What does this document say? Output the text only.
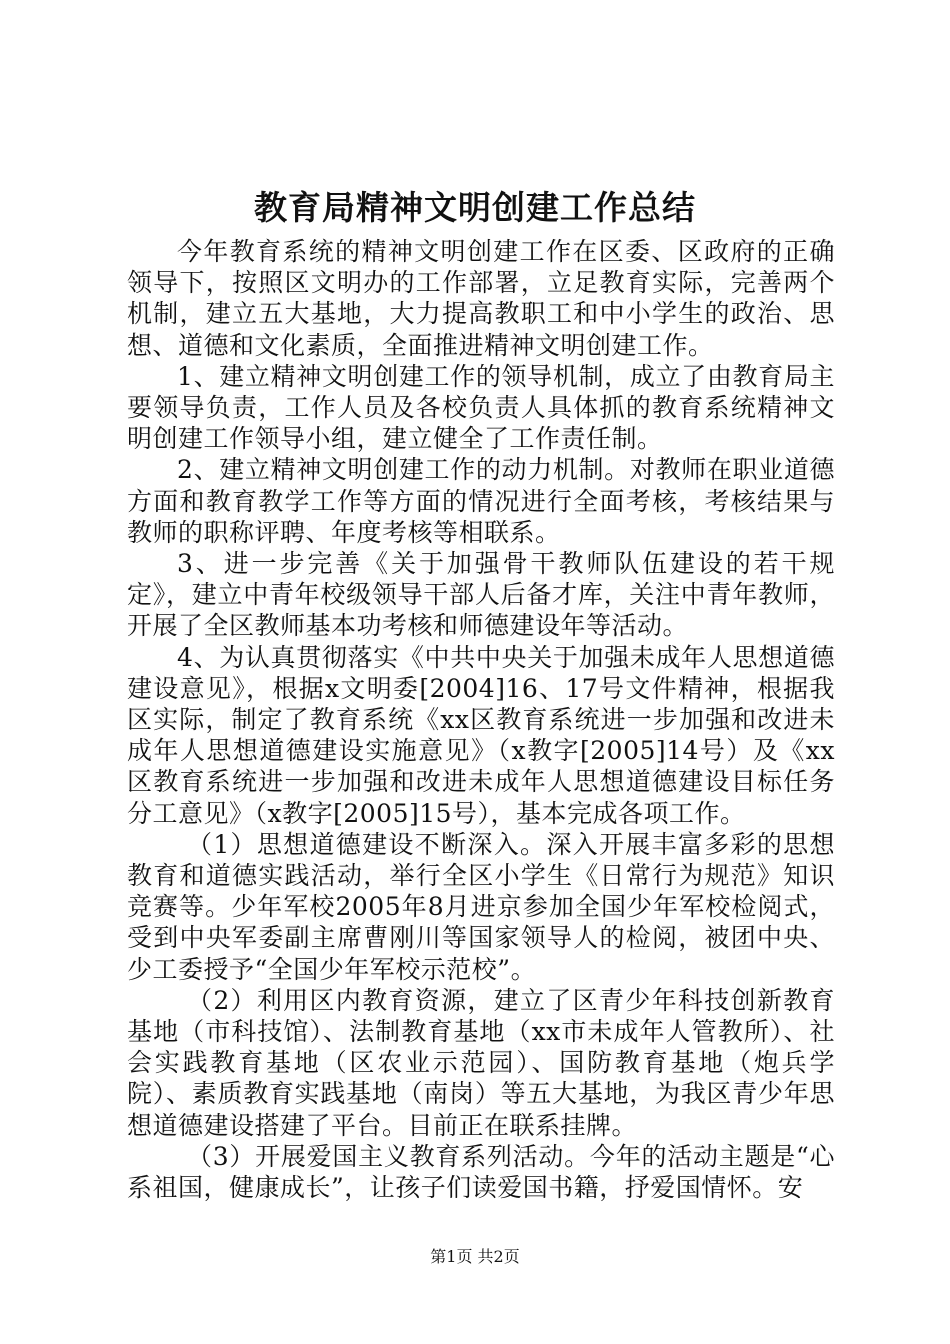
教育局精神文明创建工作总结

今年教育系统的精神文明创建工作在区委、区政府的正确领导下，按照区文明办的工作部署，立足教育实际，完善两个机制，建立五大基地，大力提高教职工和中小学生的政治、思想、道德和文化素质，全面推进精神文明创建工作。

1、建立精神文明创建工作的领导机制，成立了由教育局主要领导负责，工作人员及各校负责人具体抓的教育系统精神文明创建工作领导小组，建立健全了工作责任制。

2、建立精神文明创建工作的动力机制。对教师在职业道德方面和教育教学工作等方面的情况进行全面考核，考核结果与教师的职称评聘、年度考核等相联系。

3、进一步完善《关于加强骨干教师队伍建设的若干规定》，建立中青年校级领导干部人后备才库，关注中青年教师，开展了全区教师基本功考核和师德建设年等活动。

4、为认真贯彻落实《中共中央关于加强未成年人思想道德建设意见》，根据x文明委[2004]16、17号文件精神，根据我区实际，制定了教育系统《xx区教育系统进一步加强和改进未成年人思想道德建设实施意见》（x教字[2005]14号）及《xx区教育系统进一步加强和改进未成年人思想道德建设目标任务分工意见》（x教字[2005]15号），基本完成各项工作。

（1）思想道德建设不断深入。深入开展丰富多彩的思想教育和道德实践活动，举行全区小学生《日常行为规范》知识竞赛等。少年军校2005年8月进京参加全国少年军校检阅式，受到中央军委副主席曹刚川等国家领导人的检阅，被团中央、少工委授予“全国少年军校示范校”。

（2）利用区内教育资源，建立了区青少年科技创新教育基地（市科技馆）、法制教育基地（xx市未成年人管教所）、社会实践教育基地（区农业示范园）、国防教育基地（炮兵学院）、素质教育实践基地（南岗）等五大基地，为我区青少年思想道德建设搭建了平台。目前正在联系挂牌。

（3）开展爱国主义教育系列活动。今年的活动主题是“心系祖国，健康成长”，让孩子们读爱国书籍，抒爱国情怀。安

第1页 共2页
